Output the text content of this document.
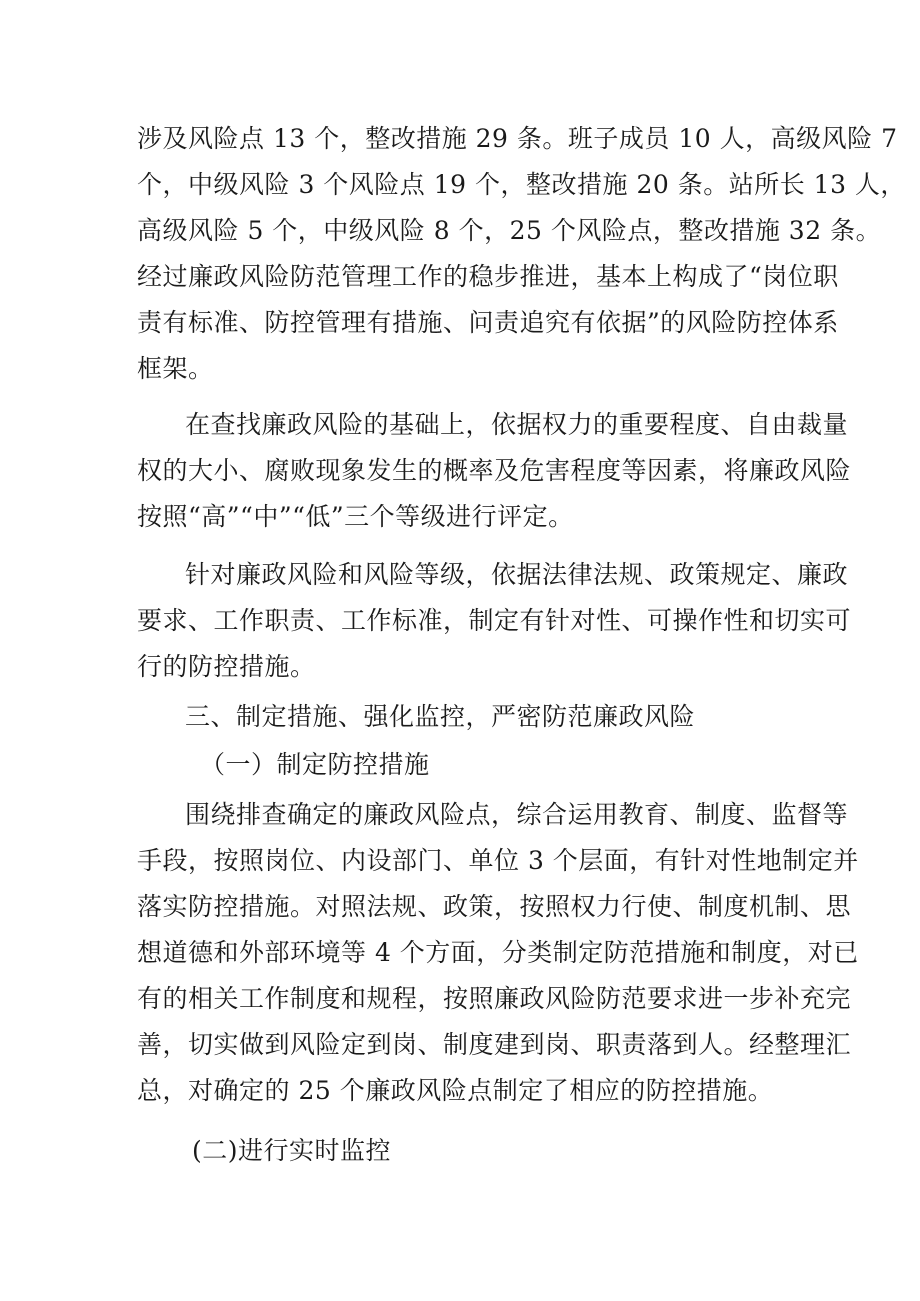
涉及风险点 13 个，整改措施 29 条。班子成员 10 人，高级风险 7
个，中级风险 3 个风险点 19 个，整改措施 20 条。站所长 13 人，
高级风险 5 个，中级风险 8 个，25 个风险点，整改措施 32 条。
经过廉政风险防范管理工作的稳步推进，基本上构成了“岗位职
责有标准、防控管理有措施、问责追究有依据”的风险防控体系
框架。
在查找廉政风险的基础上，依据权力的重要程度、自由裁量
权的大小、腐败现象发生的概率及危害程度等因素，将廉政风险
按照“高”“中”“低”三个等级进行评定。
针对廉政风险和风险等级，依据法律法规、政策规定、廉政
要求、工作职责、工作标准，制定有针对性、可操作性和切实可
行的防控措施。
三、制定措施、强化监控，严密防范廉政风险
（一）制定防控措施
围绕排查确定的廉政风险点，综合运用教育、制度、监督等
手段，按照岗位、内设部门、单位 3 个层面，有针对性地制定并
落实防控措施。对照法规、政策，按照权力行使、制度机制、思
想道德和外部环境等 4 个方面，分类制定防范措施和制度，对已
有的相关工作制度和规程，按照廉政风险防范要求进一步补充完
善，切实做到风险定到岗、制度建到岗、职责落到人。经整理汇
总，对确定的 25 个廉政风险点制定了相应的防控措施。
(二)进行实时监控
